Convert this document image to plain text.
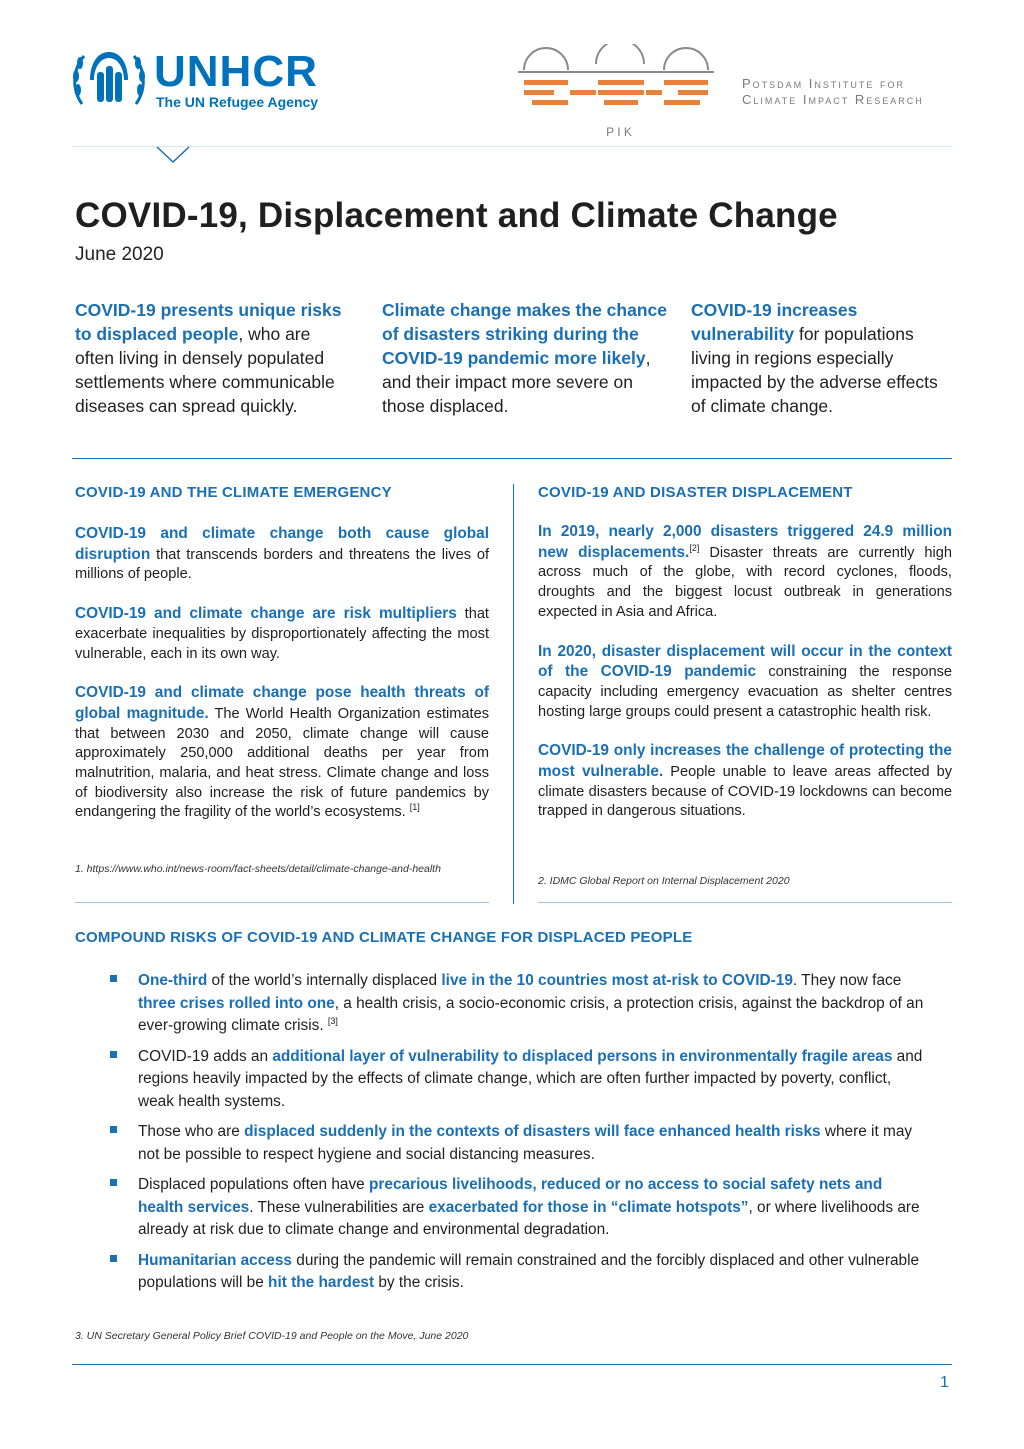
UNHCR
The UN Refugee Agency
P I K
Potsdam Institute for
Climate Impact Research
COVID-19, Displacement and Climate Change
June 2020
COVID-19 presents unique risks to displaced people, who are often living in densely populated settlements where communicable diseases can spread quickly.
Climate change makes the chance of disasters striking during the COVID-19 pandemic more likely, and their impact more severe on those displaced.
COVID-19 increases vulnerability for populations living in regions especially impacted by the adverse effects of climate change.
COVID-19 AND THE CLIMATE EMERGENCY

COVID-19 and climate change both cause global disruption that transcends borders and threatens the lives of millions of people.

COVID-19 and climate change are risk multipliers that exacerbate inequalities by disproportionately affecting the most vulnerable, each in its own way.

COVID-19 and climate change pose health threats of global magnitude. The World Health Organization estimates that between 2030 and 2050, climate change will cause approximately 250,000 additional deaths per year from malnutrition, malaria, and heat stress. Climate change and loss of biodiversity also increase the risk of future pandemics by endangering the fragility of the world’s ecosystems. [1]

1. https://www.who.int/news-room/fact-sheets/detail/climate-change-and-health
COVID-19 AND DISASTER DISPLACEMENT

In 2019, nearly 2,000 disasters triggered 24.9 million new displacements.[2] Disaster threats are currently high across much of the globe, with record cyclones, floods, droughts and the biggest locust outbreak in generations expected in Asia and Africa.

In 2020, disaster displacement will occur in the context of the COVID-19 pandemic constraining the response capacity including emergency evacuation as shelter centres hosting large groups could present a catastrophic health risk.

COVID-19 only increases the challenge of protecting the most vulnerable. People unable to leave areas affected by climate disasters because of COVID-19 lockdowns can become trapped in dangerous situations.

2. IDMC Global Report on Internal Displacement 2020
COMPOUND RISKS OF COVID-19 AND CLIMATE CHANGE FOR DISPLACED PEOPLE
One-third of the world’s internally displaced live in the 10 countries most at-risk to COVID-19. They now face three crises rolled into one, a health crisis, a socio-economic crisis, a protection crisis, against the backdrop of an ever-growing climate crisis. [3]
COVID-19 adds an additional layer of vulnerability to displaced persons in environmentally fragile areas and regions heavily impacted by the effects of climate change, which are often further impacted by poverty, conflict, weak health systems.
Those who are displaced suddenly in the contexts of disasters will face enhanced health risks where it may not be possible to respect hygiene and social distancing measures.
Displaced populations often have precarious livelihoods, reduced or no access to social safety nets and health services. These vulnerabilities are exacerbated for those in “climate hotspots”, or where livelihoods are already at risk due to climate change and environmental degradation.
Humanitarian access during the pandemic will remain constrained and the forcibly displaced and other vulnerable populations will be hit the hardest by the crisis.
3. UN Secretary General Policy Brief COVID-19 and People on the Move, June 2020
1
